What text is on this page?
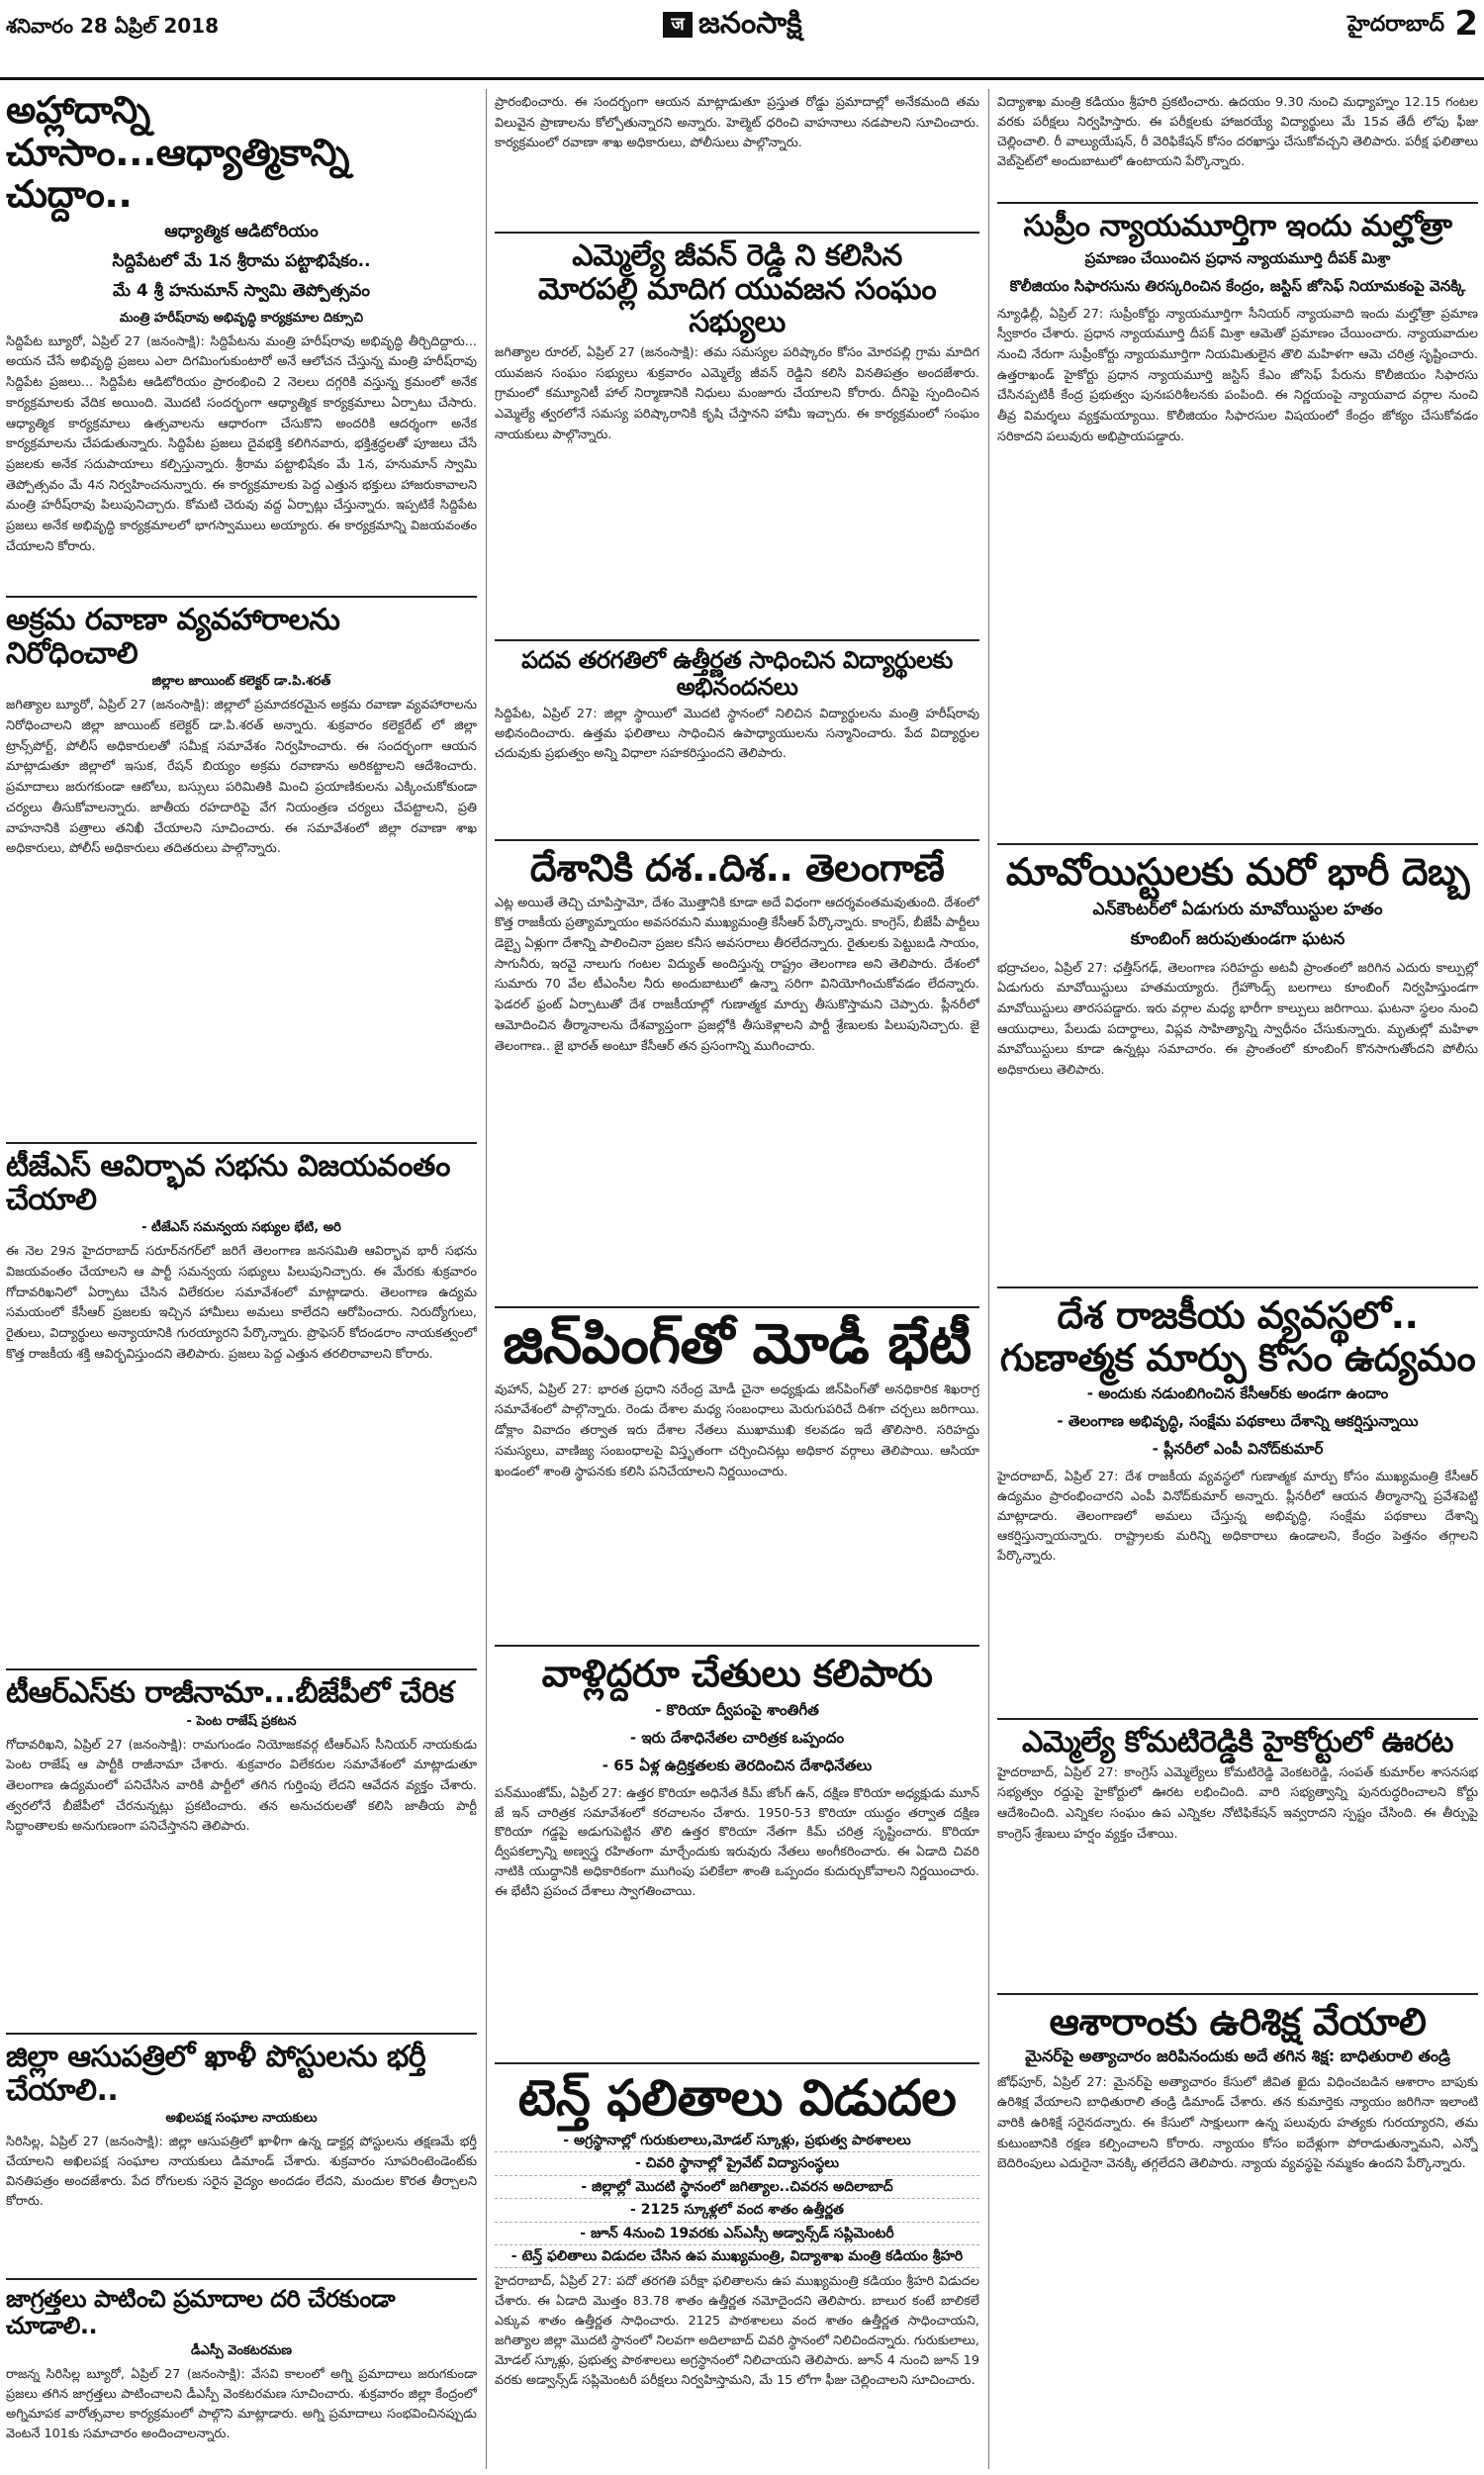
శనివారం 28 ఏప్రిల్ 2018	ज జనంసాక్షి	హైదరాబాద్ 2
అహ్లాదాన్ని చూసాం...ఆధ్యాత్మికాన్ని చుద్దాం..
ఆధ్యాత్మిక ఆడిటోరియం
సిద్దిపేటలో మే 1న శ్రీరామ పట్టాభిషేకం..
మే 4 శ్రీ హనుమాన్ స్వామి తెప్పోత్సవం
మంత్రి హరీష్‌రావు అభివృద్ధి కార్యక్రమాల దిక్సూచి

సిద్దిపేట బ్యూరో, ఏప్రిల్ 27 (జనంసాక్షి): సిద్దిపేటను మంత్రి హరీష్‌రావు అభివృద్ధి తీర్చిదిద్దారు... అయన చేసే అభివృద్ధి ప్రజలు ఎలా దిగమింగుకుంటారో అనే ఆలోచన చేస్తున్న మంత్రి హరీష్‌రావు సిద్దిపేట ప్రజలు... సిద్దిపేట ఆడిటోరియం ప్రారంభించి 2 నెలలు దగ్గరికి వస్తున్న క్రమంలో అనేక కార్యక్రమాలకు వేదిక అయింది. మొదటి సందర్భంగా ఆధ్యాత్మిక కార్యక్రమాలు ఏర్పాటు చేసారు. ఆధ్యాత్మిక కార్యక్రమాలు ఉత్సవాలను ఆధారంగా చేసుకొని అందరికి ఆదర్శంగా అనేక కార్యక్రమాలను చేపడుతున్నారు. సిద్దిపేట ప్రజలు దైవభక్తి కలిగినవారు, భక్తిశ్రద్ధలతో పూజలు చేసే ప్రజలకు అనేక సదుపాయాలు కల్పిస్తున్నారు. శ్రీరామ పట్టాభిషేకం మే 1న, హనుమాన్ స్వామి తెప్పోత్సవం మే 4న నిర్వహించనున్నారు. ఈ కార్యక్రమాలకు పెద్ద ఎత్తున భక్తులు హాజరుకావాలని మంత్రి హరీష్‌రావు పిలుపునిచ్చారు. కోమటి చెరువు వద్ద ఏర్పాట్లు చేస్తున్నారు. ఇప్పటికే సిద్దిపేట ప్రజలు అనేక అభివృద్ధి కార్యక్రమాలలో భాగస్వాములు అయ్యారు. ఈ కార్యక్రమాన్ని విజయవంతం చేయాలని కోరారు.

అక్రమ రవాణా వ్యవహారాలను నిరోధించాలి
జిల్లాల జాయింట్ కలెక్టర్ డా.పి.శరత్

జగిత్యాల బ్యూరో, ఏప్రిల్ 27 (జనంసాక్షి): జిల్లాలో ప్రమాదకరమైన అక్రమ రవాణా వ్యవహారాలను నిరోధించాలని జిల్లా జాయింట్ కలెక్టర్ డా.పి.శరత్ అన్నారు. శుక్రవారం కలెక్టరేట్ లో జిల్లా ట్రాన్స్‌పోర్ట్, పోలీస్ అధికారులతో సమీక్ష సమావేశం నిర్వహించారు. ఈ సందర్భంగా ఆయన మాట్లాడుతూ జిల్లాలో ఇసుక, రేషన్ బియ్యం అక్రమ రవాణాను అరికట్టాలని ఆదేశించారు. ప్రమాదాలు జరుగకుండా ఆటోలు, బస్సులు పరిమితికి మించి ప్రయాణికులను ఎక్కించుకోకుండా చర్యలు తీసుకోవాలన్నారు. జాతీయ రహదారిపై వేగ నియంత్రణ చర్యలు చేపట్టాలని, ప్రతి వాహనానికి పత్రాలు తనిఖీ చేయాలని సూచించారు. ఈ సమావేశంలో జిల్లా రవాణా శాఖ అధికారులు, పోలీస్ అధికారులు తదితరులు పాల్గొన్నారు.

టీజేఎస్ ఆవిర్భావ సభను విజయవంతం చేయాలి
- టీజేఎస్ సమన్వయ సభ్యుల భేటి, అరి

ఈ నెల 29న హైదరాబాద్ సరూర్‌నగర్‌లో జరిగే తెలంగాణ జనసమితి ఆవిర్భావ భారీ సభను విజయవంతం చేయాలని ఆ పార్టీ సమన్వయ సభ్యులు పిలుపునిచ్చారు. ఈ మేరకు శుక్రవారం గోదావరిఖనిలో ఏర్పాటు చేసిన విలేకరుల సమావేశంలో మాట్లాడారు. తెలంగాణ ఉద్యమ సమయంలో కేసీఆర్ ప్రజలకు ఇచ్చిన హామీలు అమలు కాలేదని ఆరోపించారు. నిరుద్యోగులు, రైతులు, విద్యార్థులు అన్యాయానికి గురయ్యారని పేర్కొన్నారు. ప్రొఫెసర్ కోదండరాం నాయకత్వంలో కొత్త రాజకీయ శక్తి ఆవిర్భవిస్తుందని తెలిపారు. ప్రజలు పెద్ద ఎత్తున తరలిరావాలని కోరారు.

టీఆర్ఎస్‌కు రాజీనామా...బీజేపీలో చేరిక
- పెంట రాజేష్ ప్రకటన

గోదావరిఖని, ఏప్రిల్ 27 (జనంసాక్షి): రామగుండం నియోజకవర్గ టీఆర్ఎస్ సీనియర్ నాయకుడు పెంట రాజేష్ ఆ పార్టీకి రాజీనామా చేశారు. శుక్రవారం విలేకరుల సమావేశంలో మాట్లాడుతూ తెలంగాణ ఉద్యమంలో పనిచేసిన వారికి పార్టీలో తగిన గుర్తింపు లేదని ఆవేదన వ్యక్తం చేశారు. త్వరలోనే బీజేపీలో చేరనున్నట్లు ప్రకటించారు. తన అనుచరులతో కలిసి జాతీయ పార్టీ సిద్ధాంతాలకు అనుగుణంగా పనిచేస్తానని తెలిపారు.

జిల్లా ఆసుపత్రిలో ఖాళీ పోస్టులను భర్తీ చేయాలి..
అఖిలపక్ష సంఘాల నాయకులు

సిరిసిల్ల, ఏప్రిల్ 27 (జనంసాక్షి): జిల్లా ఆసుపత్రిలో ఖాళీగా ఉన్న డాక్టర్ల పోస్టులను తక్షణమే భర్తీ చేయాలని అఖిలపక్ష సంఘాల నాయకులు డిమాండ్ చేశారు. శుక్రవారం సూపరింటెండెంట్‌కు వినతిపత్రం అందజేశారు. పేద రోగులకు సరైన వైద్యం అందడం లేదని, మందుల కొరత తీర్చాలని కోరారు.

జాగ్రత్తలు పాటించి ప్రమాదాల దరి చేరకుండా చూడాలి..
డీఎస్పీ వెంకటరమణ

రాజన్న సిరిసిల్ల బ్యూరో, ఏప్రిల్ 27 (జనంసాక్షి): వేసవి కాలంలో అగ్ని ప్రమాదాలు జరుగకుండా ప్రజలు తగిన జాగ్రత్తలు పాటించాలని డీఎస్పీ వెంకటరమణ సూచించారు. శుక్రవారం జిల్లా కేంద్రంలో అగ్నిమాపక వారోత్సవాల కార్యక్రమంలో పాల్గొని మాట్లాడారు. అగ్ని ప్రమాదాలు సంభవించినప్పుడు వెంటనే 101కు సమాచారం అందించాలన్నారు.

ప్రారంభించారు. ఈ సందర్భంగా ఆయన మాట్లాడుతూ ప్రస్తుత రోడ్డు ప్రమాదాల్లో అనేకమంది తమ విలువైన ప్రాణాలను కోల్పోతున్నారని అన్నారు. హెల్మెట్ ధరించి వాహనాలు నడపాలని సూచించారు. కార్యక్రమంలో రవాణా శాఖ అధికారులు, పోలీసులు పాల్గొన్నారు.

ఎమ్మెల్యే జీవన్ రెడ్డి ని కలిసిన
మోరపల్లి మాదిగ యువజన సంఘం సభ్యులు

జగిత్యాల రూరల్, ఏప్రిల్ 27 (జనంసాక్షి): తమ సమస్యల పరిష్కారం కోసం మోరపల్లి గ్రామ మాదిగ యువజన సంఘం సభ్యులు శుక్రవారం ఎమ్మెల్యే జీవన్ రెడ్డిని కలిసి వినతిపత్రం అందజేశారు. గ్రామంలో కమ్యూనిటీ హాల్ నిర్మాణానికి నిధులు మంజూరు చేయాలని కోరారు. దీనిపై స్పందించిన ఎమ్మెల్యే త్వరలోనే సమస్య పరిష్కారానికి కృషి చేస్తానని హామీ ఇచ్చారు. ఈ కార్యక్రమంలో సంఘం నాయకులు పాల్గొన్నారు.

పదవ తరగతిలో ఉత్తీర్ణత సాధించిన విద్యార్థులకు అభినందనలు

సిద్దిపేట, ఏప్రిల్ 27: జిల్లా స్థాయిలో మొదటి స్థానంలో నిలిచిన విద్యార్థులను మంత్రి హరీష్‌రావు అభినందించారు. ఉత్తమ ఫలితాలు సాధించిన ఉపాధ్యాయులను సన్మానించారు. పేద విద్యార్థుల చదువుకు ప్రభుత్వం అన్ని విధాలా సహకరిస్తుందని తెలిపారు.

దేశానికి దశ..దిశ.. తెలంగాణే

ఎట్ల అయితే తెచ్చి చూపిస్తామో, దేశం మొత్తానికి కూడా అదే విధంగా ఆదర్శవంతమవుతుంది. దేశంలో కొత్త రాజకీయ ప్రత్యామ్నాయం అవసరమని ముఖ్యమంత్రి కేసీఆర్ పేర్కొన్నారు. కాంగ్రెస్, బీజేపీ పార్టీలు డెబ్బై ఏళ్లుగా దేశాన్ని పాలించినా ప్రజల కనీస అవసరాలు తీరలేదన్నారు. రైతులకు పెట్టుబడి సాయం, సాగునీరు, ఇరవై నాలుగు గంటల విద్యుత్ అందిస్తున్న రాష్ట్రం తెలంగాణ అని తెలిపారు. దేశంలో సుమారు 70 వేల టీఎంసీల నీరు అందుబాటులో ఉన్నా సరిగా వినియోగించుకోవడం లేదన్నారు. ఫెడరల్ ఫ్రంట్ ఏర్పాటుతో దేశ రాజకీయాల్లో గుణాత్మక మార్పు తీసుకొస్తామని చెప్పారు. ప్లీనరీలో ఆమోదించిన తీర్మానాలను దేశవ్యాప్తంగా ప్రజల్లోకి తీసుకెళ్లాలని పార్టీ శ్రేణులకు పిలుపునిచ్చారు. జై తెలంగాణ.. జై భారత్ అంటూ కేసీఆర్ తన ప్రసంగాన్ని ముగించారు.

జిన్‌పింగ్‌తో మోడీ భేటీ

వుహాన్, ఏప్రిల్ 27: భారత ప్రధాని నరేంద్ర మోడీ చైనా అధ్యక్షుడు జిన్‌పింగ్‌తో అనధికారిక శిఖరాగ్ర సమావేశంలో పాల్గొన్నారు. రెండు దేశాల మధ్య సంబంధాలు మెరుగుపరిచే దిశగా చర్చలు జరిగాయి. డోక్లాం వివాదం తర్వాత ఇరు దేశాల నేతలు ముఖాముఖి కలవడం ఇదే తొలిసారి. సరిహద్దు సమస్యలు, వాణిజ్య సంబంధాలపై విస్తృతంగా చర్చించినట్లు అధికార వర్గాలు తెలిపాయి. ఆసియా ఖండంలో శాంతి స్థాపనకు కలిసి పనిచేయాలని నిర్ణయించారు.

వాళ్లిద్దరూ చేతులు కలిపారు
- కొరియా ద్వీపంపై శాంతిగీత
- ఇరు దేశాధినేతల చారిత్రక ఒప్పందం
- 65 ఏళ్ల ఉద్రిక్తతలకు తెరదించిన దేశాధినేతలు

పన్‌ముంజోమ్, ఏప్రిల్ 27: ఉత్తర కొరియా అధినేత కిమ్ జోంగ్ ఉన్, దక్షిణ కొరియా అధ్యక్షుడు మూన్ జే ఇన్ చారిత్రక సమావేశంలో కరచాలనం చేశారు. 1950-53 కొరియా యుద్ధం తర్వాత దక్షిణ కొరియా గడ్డపై అడుగుపెట్టిన తొలి ఉత్తర కొరియా నేతగా కిమ్ చరిత్ర సృష్టించారు. కొరియా ద్వీపకల్పాన్ని అణ్వస్త్ర రహితంగా మార్చేందుకు ఇరువురు నేతలు అంగీకరించారు. ఈ ఏడాది చివరి నాటికి యుద్ధానికి అధికారికంగా ముగింపు పలికేలా శాంతి ఒప్పందం కుదుర్చుకోవాలని నిర్ణయించారు. ఈ భేటీని ప్రపంచ దేశాలు స్వాగతించాయి.

టెన్త్ ఫలితాలు విడుదల
- అగ్రస్థానాల్లో గురుకులాలు,మోడల్ స్కూళ్లు, ప్రభుత్వ పాఠశాలలు
- చివరి స్థానాల్లో ప్రైవేట్ విద్యాసంస్థలు
- జిల్లాల్లో మొదటి స్థానంలో జగిత్యాల..చివరన అదిలాబాద్
- 2125 స్కూళ్లలో వంద శాతం ఉత్తీర్ణత
- జూన్ 4నుంచి 19వరకు ఎస్ఎస్సీ అడ్వాన్స్‌డ్ సప్లిమెంటరీ
- టెన్త్ ఫలితాలు విడుదల చేసిన ఉప ముఖ్యమంత్రి, విద్యాశాఖ మంత్రి కడియం శ్రీహరి

హైదరాబాద్, ఏప్రిల్ 27: పదో తరగతి పరీక్షా ఫలితాలను ఉప ముఖ్యమంత్రి కడియం శ్రీహరి విడుదల చేశారు. ఈ ఏడాది మొత్తం 83.78 శాతం ఉత్తీర్ణత నమోదైందని తెలిపారు. బాలుర కంటే బాలికలే ఎక్కువ శాతం ఉత్తీర్ణత సాధించారు. 2125 పాఠశాలలు వంద శాతం ఉత్తీర్ణత సాధించాయని, జగిత్యాల జిల్లా మొదటి స్థానంలో నిలవగా అదిలాబాద్ చివరి స్థానంలో నిలిచిందన్నారు. గురుకులాలు, మోడల్ స్కూళ్లు, ప్రభుత్వ పాఠశాలలు అగ్రస్థానంలో నిలిచాయని తెలిపారు. జూన్ 4 నుంచి జూన్ 19 వరకు అడ్వాన్స్‌డ్ సప్లిమెంటరీ పరీక్షలు నిర్వహిస్తామని, మే 15 లోగా ఫీజు చెల్లించాలని సూచించారు.

విద్యాశాఖ మంత్రి కడియం శ్రీహరి ప్రకటించారు. ఉదయం 9.30 నుంచి మధ్యాహ్నం 12.15 గంటల వరకు పరీక్షలు నిర్వహిస్తారు. ఈ పరీక్షలకు హాజరయ్యే విద్యార్థులు మే 15వ తేదీ లోపు ఫీజు చెల్లించాలి. రీ వాల్యుయేషన్, రీ వెరిఫికేషన్ కోసం దరఖాస్తు చేసుకోవచ్చని తెలిపారు. పరీక్ష ఫలితాలు వెబ్‌సైట్‌లో అందుబాటులో ఉంటాయని పేర్కొన్నారు.

సుప్రీం న్యాయమూర్తిగా ఇందు మల్హోత్రా
ప్రమాణం చేయించిన ప్రధాన న్యాయమూర్తి దీపక్ మిశ్రా
కొలీజియం సిఫారసును తిరస్కరించిన కేంద్రం, జస్టిస్ జోసెఫ్ నియామకంపై వెనక్కి

న్యూఢిల్లీ, ఏప్రిల్ 27: సుప్రీంకోర్టు న్యాయమూర్తిగా సీనియర్ న్యాయవాది ఇందు మల్హోత్రా ప్రమాణ స్వీకారం చేశారు. ప్రధాన న్యాయమూర్తి దీపక్ మిశ్రా ఆమెతో ప్రమాణం చేయించారు. న్యాయవాదుల నుంచి నేరుగా సుప్రీంకోర్టు న్యాయమూర్తిగా నియమితులైన తొలి మహిళగా ఆమె చరిత్ర సృష్టించారు. ఉత్తరాఖండ్ హైకోర్టు ప్రధాన న్యాయమూర్తి జస్టిస్ కేఎం జోసెఫ్ పేరును కొలీజియం సిఫారసు చేసినప్పటికీ కేంద్ర ప్రభుత్వం పునఃపరిశీలనకు పంపింది. ఈ నిర్ణయంపై న్యాయవాద వర్గాల నుంచి తీవ్ర విమర్శలు వ్యక్తమయ్యాయి. కొలీజియం సిఫారసుల విషయంలో కేంద్రం జోక్యం చేసుకోవడం సరికాదని పలువురు అభిప్రాయపడ్డారు.

మావోయిస్టులకు మరో భారీ దెబ్బ
ఎన్‌కౌంటర్‌లో ఏడుగురు మావోయిస్టుల హతం
కూంబింగ్ జరుపుతుండగా ఘటన

భద్రాచలం, ఏప్రిల్ 27: ఛత్తీస్‌గఢ్, తెలంగాణ సరిహద్దు అటవీ ప్రాంతంలో జరిగిన ఎదురు కాల్పుల్లో ఏడుగురు మావోయిస్టులు హతమయ్యారు. గ్రేహౌండ్స్ బలగాలు కూంబింగ్ నిర్వహిస్తుండగా మావోయిస్టులు తారసపడ్డారు. ఇరు వర్గాల మధ్య భారీగా కాల్పులు జరిగాయి. ఘటనా స్థలం నుంచి ఆయుధాలు, పేలుడు పదార్థాలు, విప్లవ సాహిత్యాన్ని స్వాధీనం చేసుకున్నారు. మృతుల్లో మహిళా మావోయిస్టులు కూడా ఉన్నట్లు సమాచారం. ఈ ప్రాంతంలో కూంబింగ్ కొనసాగుతోందని పోలీసు అధికారులు తెలిపారు.

దేశ రాజకీయ వ్యవస్థలో..
గుణాత్మక మార్పు కోసం ఉద్యమం
- అందుకు నడుంబిగించిన కేసీఆర్‌కు అండగా ఉందాం
- తెలంగాణ అభివృద్ధి, సంక్షేమ పథకాలు దేశాన్ని ఆకర్షిస్తున్నాయి
- ప్లీనరీలో ఎంపీ వినోద్‌కుమార్

హైదరాబాద్, ఏప్రిల్ 27: దేశ రాజకీయ వ్యవస్థలో గుణాత్మక మార్పు కోసం ముఖ్యమంత్రి కేసీఆర్ ఉద్యమం ప్రారంభించారని ఎంపీ వినోద్‌కుమార్ అన్నారు. ప్లీనరీలో ఆయన తీర్మానాన్ని ప్రవేశపెట్టి మాట్లాడారు. తెలంగాణలో అమలు చేస్తున్న అభివృద్ధి, సంక్షేమ పథకాలు దేశాన్ని ఆకర్షిస్తున్నాయన్నారు. రాష్ట్రాలకు మరిన్ని అధికారాలు ఉండాలని, కేంద్రం పెత్తనం తగ్గాలని పేర్కొన్నారు.

ఎమ్మెల్యే కోమటిరెడ్డికి హైకోర్టులో ఊరట

హైదరాబాద్, ఏప్రిల్ 27: కాంగ్రెస్ ఎమ్మెల్యేలు కోమటిరెడ్డి వెంకటరెడ్డి, సంపత్ కుమార్‌ల శాసనసభ సభ్యత్వం రద్దుపై హైకోర్టులో ఊరట లభించింది. వారి సభ్యత్వాన్ని పునరుద్ధరించాలని కోర్టు ఆదేశించింది. ఎన్నికల సంఘం ఉప ఎన్నికల నోటిఫికేషన్ ఇవ్వరాదని స్పష్టం చేసింది. ఈ తీర్పుపై కాంగ్రెస్ శ్రేణులు హర్షం వ్యక్తం చేశాయి.

ఆశారాంకు ఉరిశిక్ష వేయాలి
మైనర్‌పై అత్యాచారం జరిపినందుకు అదే తగిన శిక్ష: బాధితురాలి తండ్రి

జోధ్‌పూర్, ఏప్రిల్ 27: మైనర్‌పై అత్యాచారం కేసులో జీవిత ఖైదు విధించబడిన ఆశారాం బాపుకు ఉరిశిక్ష వేయాలని బాధితురాలి తండ్రి డిమాండ్ చేశారు. తన కుమార్తెకు న్యాయం జరిగినా ఇలాంటి వారికి ఉరిశిక్షే సరైనదన్నారు. ఈ కేసులో సాక్షులుగా ఉన్న పలువురు హత్యకు గురయ్యారని, తమ కుటుంబానికి రక్షణ కల్పించాలని కోరారు. న్యాయం కోసం ఐదేళ్లుగా పోరాడుతున్నామని, ఎన్నో బెదిరింపులు ఎదురైనా వెనక్కి తగ్గలేదని తెలిపారు. న్యాయ వ్యవస్థపై నమ్మకం ఉందని పేర్కొన్నారు.
